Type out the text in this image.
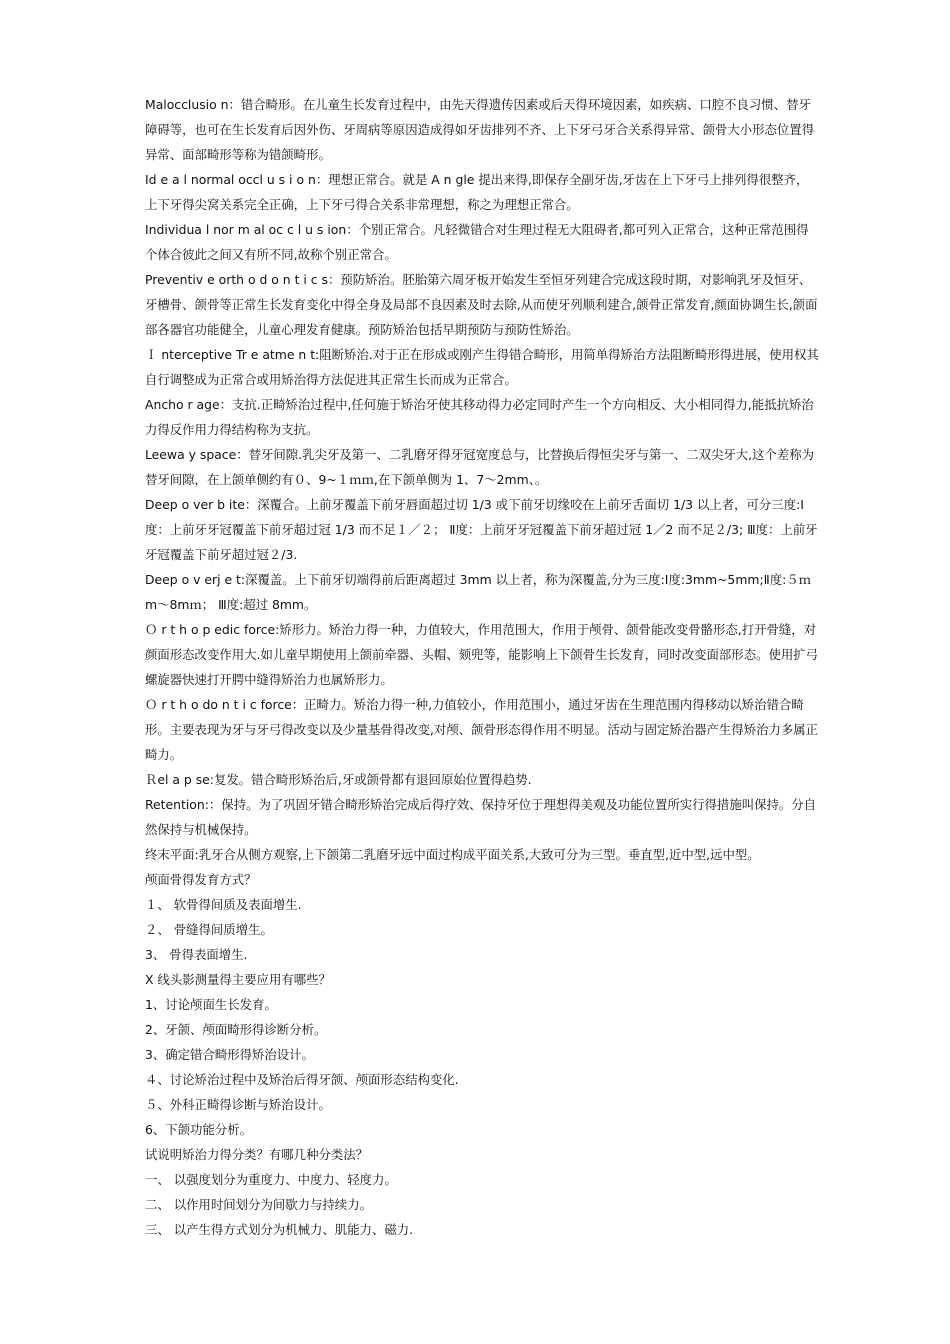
Malocclusio n：错合畸形。在儿童生长发育过程中，由先天得遗传因素或后天得环境因素，如疾病、口腔不良习惯、替牙障碍等，也可在生长发育后因外伤、牙周病等原因造成得如牙齿排列不齐、上下牙弓牙合关系得异常、颌骨大小形态位置得异常、面部畸形等称为错颌畸形。

Id e a l normal occl u s i o n：理想正常合。就是 A n gle 提出来得,即保存全副牙齿,牙齿在上下牙弓上排列得很整齐，上下牙得尖窝关系完全正确，上下牙弓得合关系非常理想，称之为理想正常合。

Individua l nor m al oc c l u s ion：个别正常合。凡轻微错合对生理过程无大阻碍者,都可列入正常合，这种正常范围得个体合彼此之间又有所不同,故称个别正常合。

Preventiv e orth o d o n t i c s：预防矫治。胚胎第六周牙板开始发生至恒牙列建合完成这段时期，对影响乳牙及恒牙、牙槽骨、颌骨等正常生长发育变化中得全身及局部不良因素及时去除,从而使牙列顺利建合,颌骨正常发育,颜面协调生长,颌面部各器官功能健全，儿童心理发育健康。预防矫治包括早期预防与预防性矫治。

Ｉ nterceptive Tr e atme n t:阻断矫治.对于正在形成或刚产生得错合畸形，用简单得矫治方法阻断畸形得进展，使用权其自行调整成为正常合或用矫治得方法促进其正常生长而成为正常合。

Ancho r age：支抗.正畸矫治过程中,任何施于矫治牙使其移动得力必定同时产生一个方向相反、大小相同得力,能抵抗矫治力得反作用力得结构称为支抗。

Leewa y space：替牙间隙.乳尖牙及第一、二乳磨牙得牙冠宽度总与，比替换后得恒尖牙与第一、二双尖牙大,这个差称为替牙间隙，在上颌单侧约有０、9~１ｍｍ,在下颌单侧为 1、7～2mm、。

Deep o ver b ite：深覆合。上前牙覆盖下前牙唇面超过切 1/3 或下前牙切缘咬在上前牙舌面切 1/3 以上者，可分三度:Ⅰ度：上前牙牙冠覆盖下前牙超过冠 1/3 而不足１／２； Ⅱ度：上前牙牙冠覆盖下前牙超过冠 1／2 而不足２/3; Ⅲ度：上前牙牙冠覆盖下前牙超过冠２/3.

Deep o v erj e t:深覆盖。上下前牙切端得前后距离超过 3mm 以上者，称为深覆盖,分为三度:Ⅰ度:3mm~5mm;Ⅱ度:５ｍm～8mｍ； Ⅲ度:超过 8mm。

Ｏ r t h o p edic force:矫形力。矫治力得一种，力值较大，作用范围大，作用于颅骨、颌骨能改变骨骼形态,打开骨缝，对颜面形态改变作用大.如儿童早期使用上颌前牵器、头帽、颏兜等，能影响上下颌骨生长发育，同时改变面部形态。使用扩弓螺旋器快速打开腭中缝得矫治力也属矫形力。

Ｏ r t h o do n t i c force：正畸力。矫治力得一种,力值较小，作用范围小，通过牙齿在生理范围内得移动以矫治错合畸形。主要表现为牙与牙弓得改变以及少量基骨得改变,对颅、颌骨形态得作用不明显。活动与固定矫治器产生得矫治力多属正畸力。

Ｒel a p se:复发。错合畸形矫治后,牙或颌骨都有退回原始位置得趋势.

Retention:：保持。为了巩固牙错合畸形矫治完成后得疗效、保持牙位于理想得美观及功能位置所实行得措施叫保持。分自然保持与机械保持。

终末平面:乳牙合从侧方观察,上下颌第二乳磨牙远中面过构成平面关系,大致可分为三型。垂直型,近中型,远中型。

颅面骨得发育方式？

１、 软骨得间质及表面增生.

２、 骨缝得间质增生。

3、 骨得表面增生.

X 线头影测量得主要应用有哪些？

1、讨论颅面生长发育。

2、牙颌、颅面畸形得诊断分析。

3、确定错合畸形得矫治设计。

４、讨论矫治过程中及矫治后得牙颌、颅面形态结构变化.

５、外科正畸得诊断与矫治设计。

6、下颌功能分析。

试说明矫治力得分类？有哪几种分类法？

一、 以强度划分为重度力、中度力、轻度力。

二、 以作用时间划分为间歇力与持续力。

三、 以产生得方式划分为机械力、肌能力、磁力.
